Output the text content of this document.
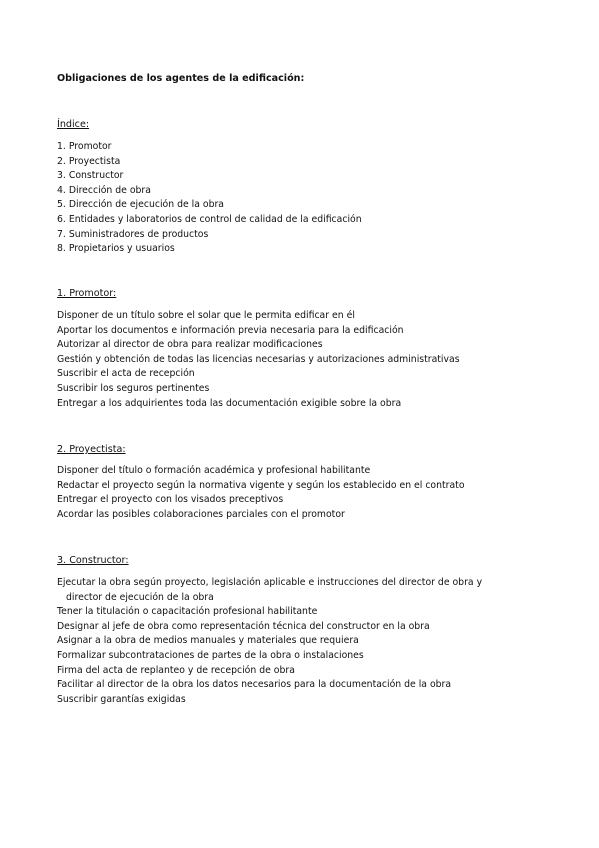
Obligaciones de los agentes de la edificación:
Índice:
1. Promotor
2. Proyectista
3. Constructor
4. Dirección de obra
5. Dirección de ejecución de la obra
6. Entidades y laboratorios de control de calidad de la edificación
7. Suministradores de productos
8. Propietarios y usuarios
1. Promotor:
Disponer de un título sobre el solar que le permita edificar en él
Aportar los documentos e información previa necesaria para la edificación
Autorizar al director de obra para realizar modificaciones
Gestión y obtención de todas las licencias necesarias y autorizaciones administrativas
Suscribir el acta de recepción
Suscribir los seguros pertinentes
Entregar a los adquirientes toda las documentación exigible sobre la obra
2. Proyectista:
Disponer del título o formación académica y profesional habilitante
Redactar el proyecto según la normativa vigente y según los establecido en el contrato
Entregar el proyecto con los visados preceptivos
Acordar las posibles colaboraciones parciales con el promotor
3. Constructor:
Ejecutar la obra según proyecto, legislación aplicable e instrucciones del director de obra y director de ejecución de la obra
Tener la titulación o capacitación profesional habilitante
Designar al jefe de obra como representación técnica del constructor en la obra
Asignar a la obra de medios manuales y materiales que requiera
Formalizar subcontrataciones de partes de la obra o instalaciones
Firma del acta de replanteo y de recepción de obra
Facilitar al director de la obra los datos necesarios para la documentación de la obra
Suscribir garantías exigidas
